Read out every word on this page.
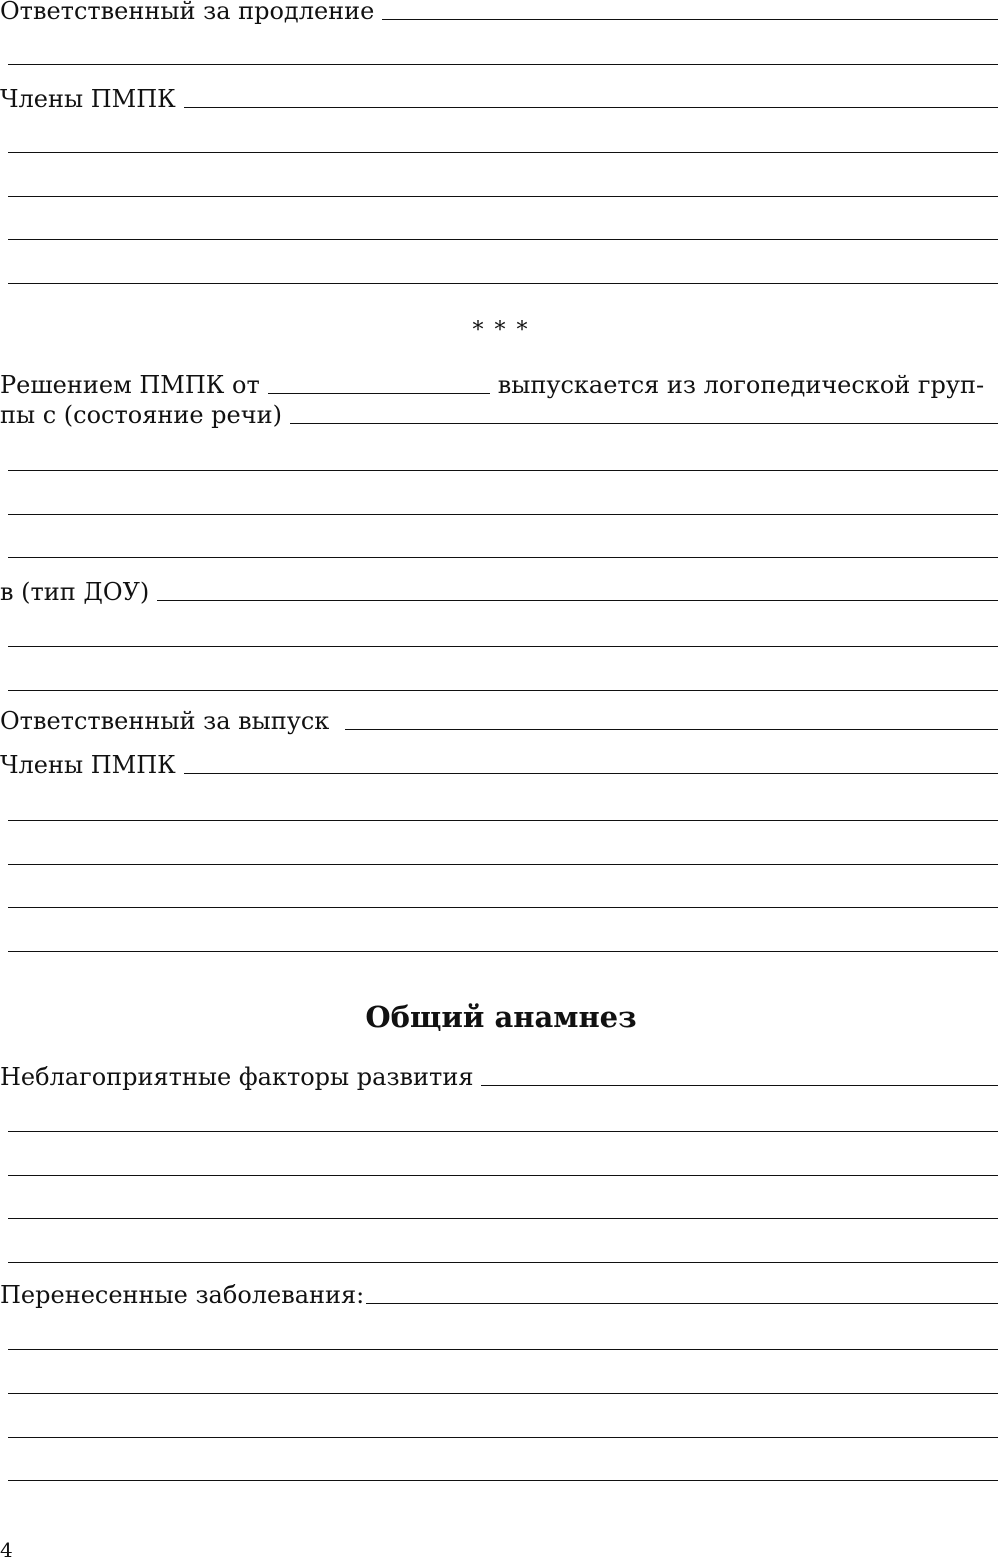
Ответственный за продление
Члены ПМПК
* * *
Решением ПМПК от	выпускается из логопедической груп-
пы с (состояние речи)
в (тип ДОУ)
Ответственный за выпуск
Члены ПМПК
Общий анамнез
Неблагоприятные факторы развития
Перенесенные заболевания:
4
